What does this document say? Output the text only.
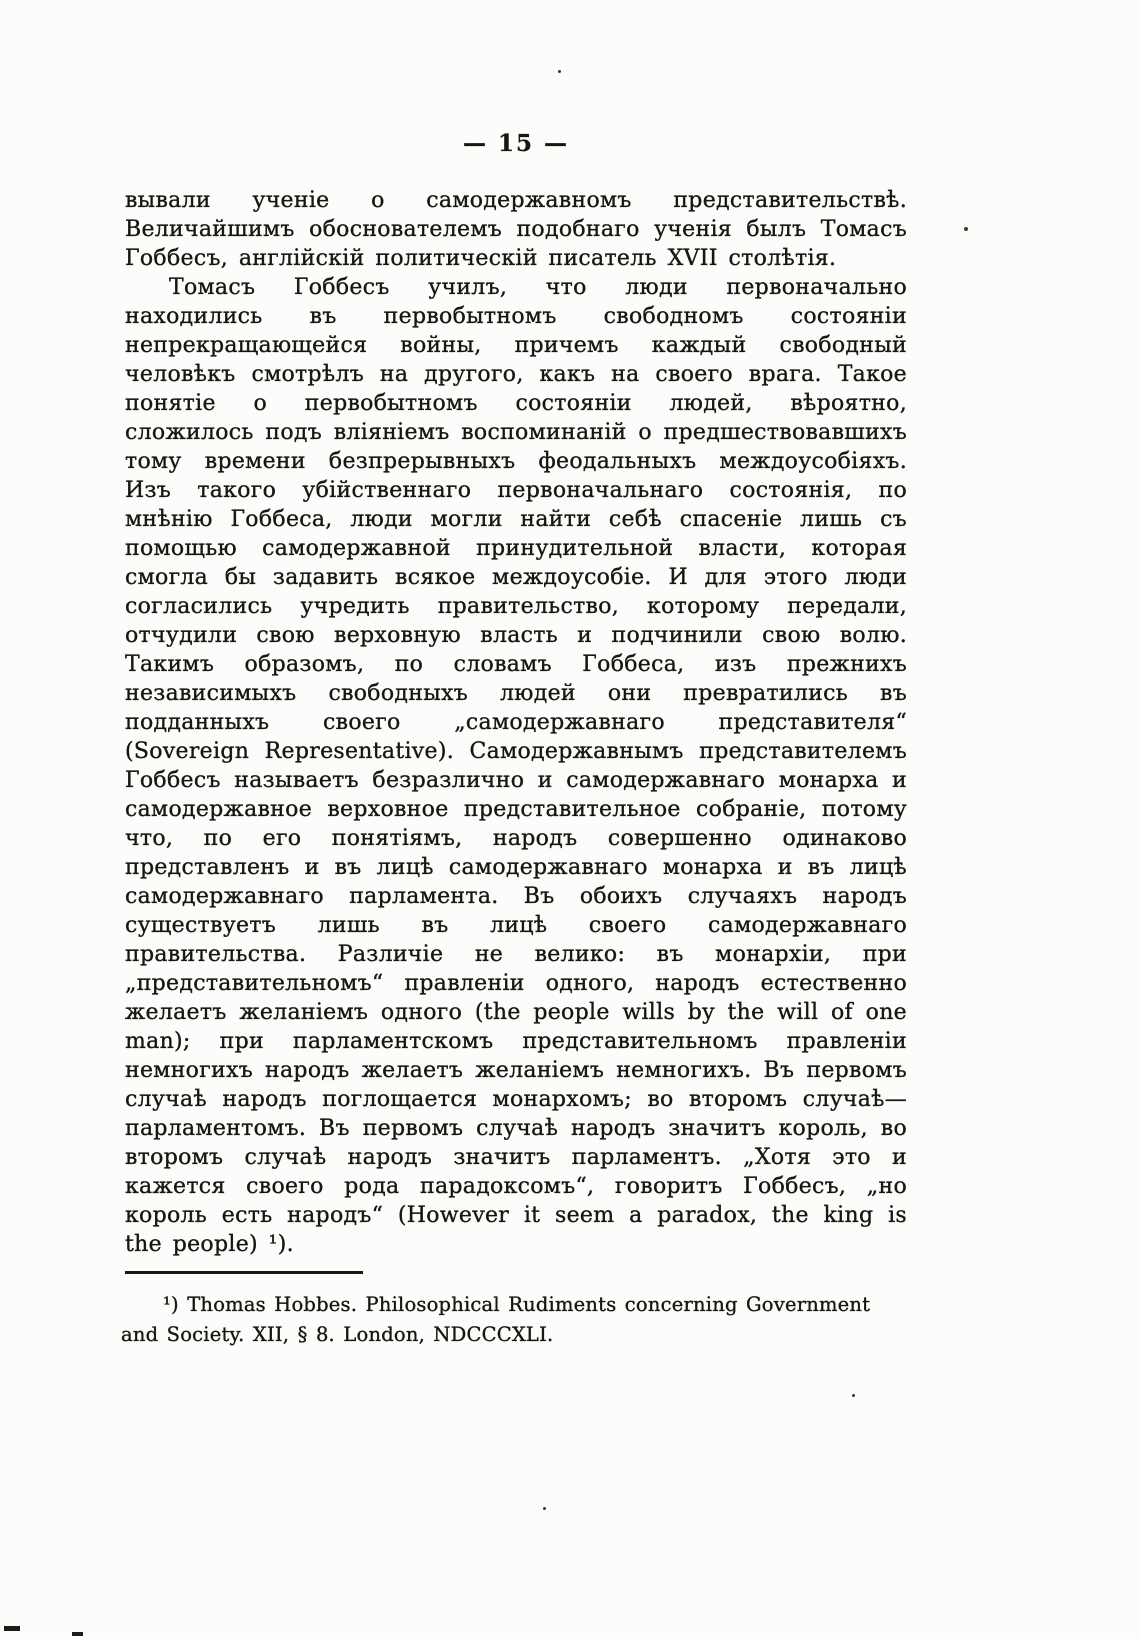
— 15 —

вывали ученіе о самодержавномъ представительствѣ. Величайшимъ обоснователемъ подобнаго ученія былъ Томасъ Гоббесъ, англійскій политическій писатель XVII столѣтія.

Томасъ Гоббесъ училъ, что люди первоначально находились въ первобытномъ свободномъ состояніи непрекращающейся войны, причемъ каждый свободный человѣкъ смотрѣлъ на другого, какъ на своего врага. Такое понятіе о первобытномъ состояніи людей, вѣроятно, сложилось подъ вліяніемъ воспоминаній о предшествовавшихъ тому времени безпрерывныхъ феодальныхъ междоусобіяхъ. Изъ такого убійственнаго первоначальнаго состоянія, по мнѣнію Гоббеса, люди могли найти себѣ спасеніе лишь съ помощью самодержавной принудительной власти, которая смогла бы задавить всякое междоусобіе. И для этого люди согласились учредить правительство, которому передали, отчудили свою верховную власть и подчинили свою волю. Такимъ образомъ, по словамъ Гоббеса, изъ прежнихъ независимыхъ свободныхъ людей они превратились въ подданныхъ своего „самодержавнаго представителя“ (Sovereign Representative). Самодержавнымъ представителемъ Гоббесъ называетъ безразлично и самодержавнаго монарха и самодержавное верховное представительное собраніе, потому что, по его понятіямъ, народъ совершенно одинаково представленъ и въ лицѣ самодержавнаго монарха и въ лицѣ самодержавнаго парламента. Въ обоихъ случаяхъ народъ существуетъ лишь въ лицѣ своего самодержавнаго правительства. Различіе не велико: въ монархіи, при „представительномъ“ правленіи одного, народъ естественно желаетъ желаніемъ одного (the people wills by the will of one man); при парламентскомъ представительномъ правленіи немногихъ народъ желаетъ желаніемъ немногихъ. Въ первомъ случаѣ народъ поглощается монархомъ; во второмъ случаѣ—парламентомъ. Въ первомъ случаѣ народъ значитъ король, во второмъ случаѣ народъ значитъ парламентъ. „Хотя это и кажется своего рода парадоксомъ“, говоритъ Гоббесъ, „но король есть народъ“ (However it seem a paradox, the king is the people) ¹).

¹) Thomas Hobbes. Philosophical Rudiments concerning Government and Society. XII, § 8. London, NDCCCXLI.
